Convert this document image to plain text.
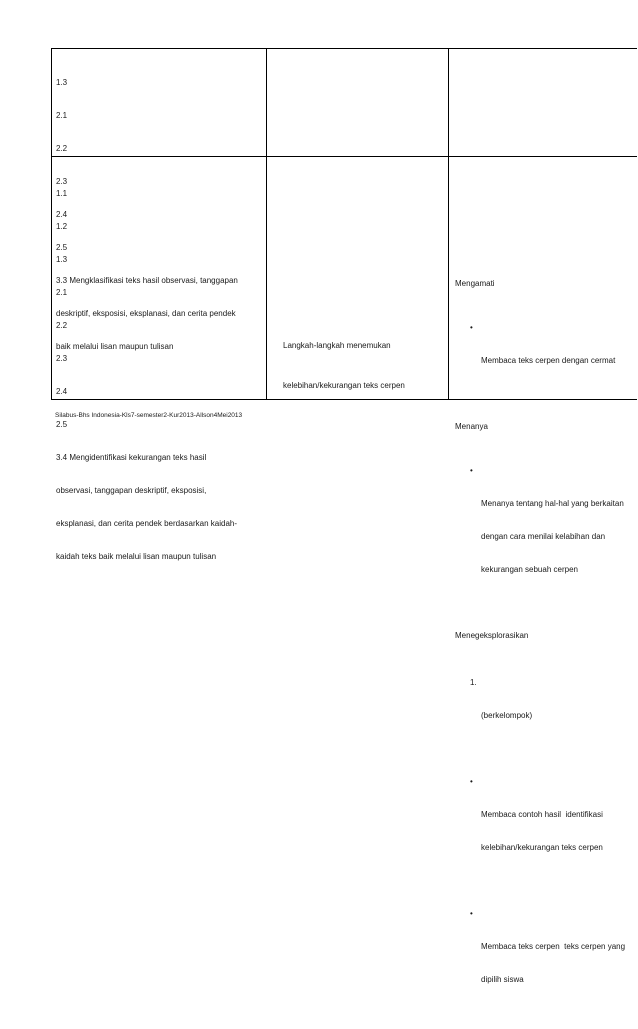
1.3

2.1

2.2

2.3

2.4

2.5

3.3 Mengklasifikasi teks hasil observasi, tanggapan

deskriptif, eksposisi, eksplanasi, dan cerita pendek

baik melalui lisan maupun tulisan

1.1

1.2

1.3

2.1

2.2

2.3

2.4

2.5

3.4 Mengidentifikasi kekurangan teks hasil

observasi, tanggapan deskriptif, eksposisi,

eksplanasi, dan cerita pendek berdasarkan kaidah-

kaidah teks baik melalui lisan maupun tulisan

Langkah-langkah menemukan

kelebihan/kekurangan teks cerpen

Mengamati

•

Membaca teks cerpen dengan cermat

Menanya

•

Menanya tentang hal-hal yang berkaitan

dengan cara menilai kelabihan dan

kekurangan sebuah cerpen

Menegeksplorasikan

1.

(berkelompok)

•

Membaca contoh hasil  identifikasi

kelebihan/kekurangan teks cerpen

•

Membaca teks cerpen  teks cerpen yang

dipilih siswa

Silabus-Bhs Indonesia-Kls7-semester2-Kur2013-Allson4Mei2013
